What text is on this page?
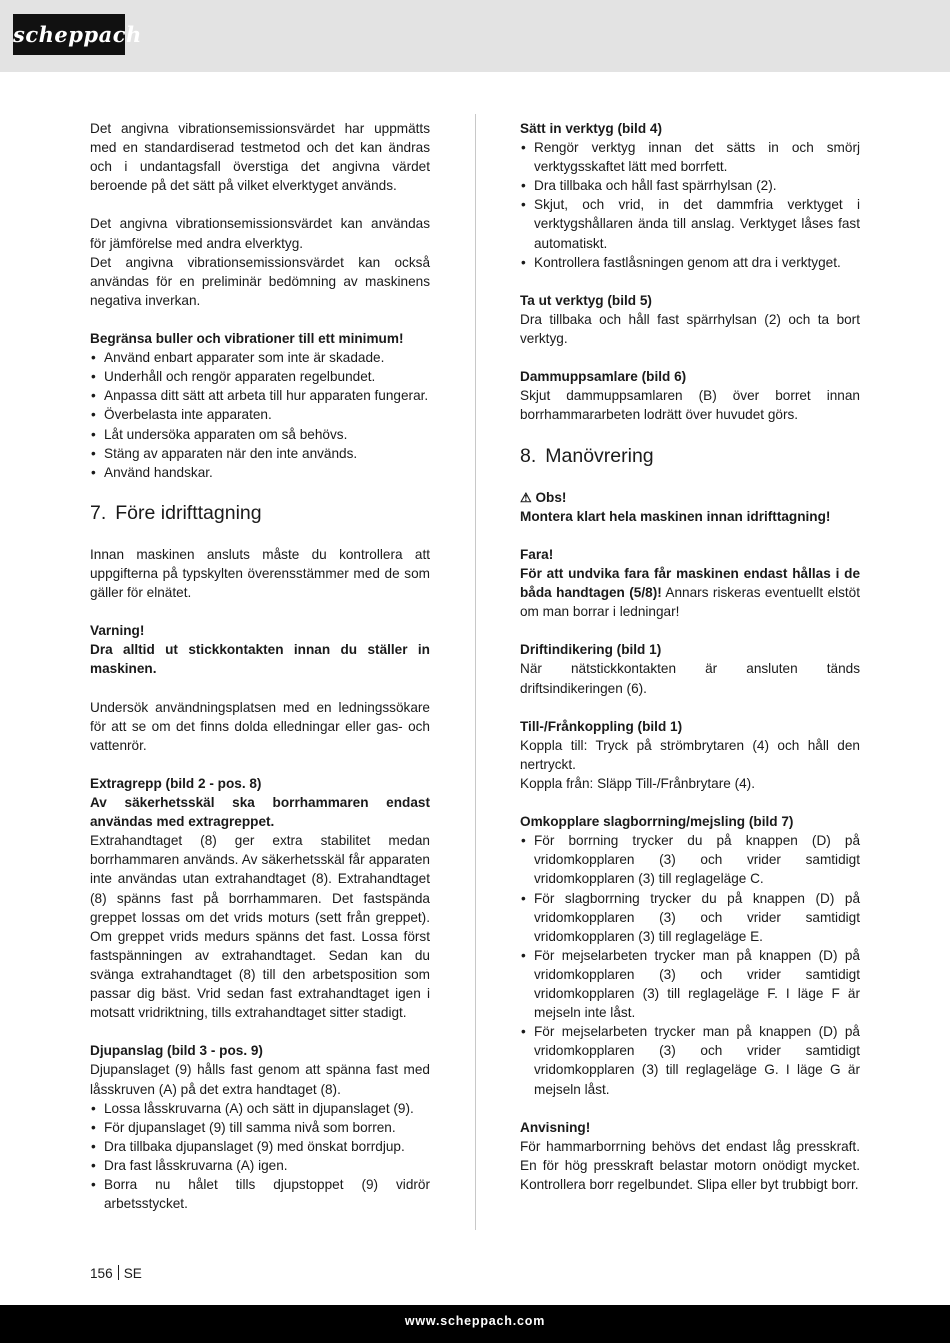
scheppach

Det angivna vibrationsemissionsvärdet har uppmätts med en standardiserad testmetod och det kan ändras och i undantagsfall överstiga det angivna värdet beroende på det sätt på vilket elverktyget används.

Det angivna vibrationsemissionsvärdet kan användas för jämförelse med andra elverktyg.

Det angivna vibrationsemissionsvärdet kan också användas för en preliminär bedömning av maskinens negativa inverkan.

Begränsa buller och vibrationer till ett minimum!

• Använd enbart apparater som inte är skadade.
• Underhåll och rengör apparaten regelbundet.
• Anpassa ditt sätt att arbeta till hur apparaten fungerar.
• Överbelasta inte apparaten.
• Låt undersöka apparaten om så behövs.
• Stäng av apparaten när den inte används.
• Använd handskar.
7. Före idrifttagning

Innan maskinen ansluts måste du kontrollera att uppgifterna på typskylten överensstämmer med de som gäller för elnätet.

Varning!

Dra alltid ut stickkontakten innan du ställer in maskinen.

Undersök användningsplatsen med en ledningssökare för att se om det finns dolda elledningar eller gas- och vattenrör.

Extragrepp (bild 2 - pos. 8)

Av säkerhetsskäl ska borrhammaren endast användas med extragreppet.

Extrahandtaget (8) ger extra stabilitet medan borrhammaren används. Av säkerhetsskäl får apparaten inte användas utan extrahandtaget (8). Extrahandtaget (8) spänns fast på borrhammaren. Det fastspända greppet lossas om det vrids moturs (sett från greppet). Om greppet vrids medurs spänns det fast. Lossa först fastspänningen av extrahandtaget. Sedan kan du svänga extrahandtaget (8) till den arbetsposition som passar dig bäst. Vrid sedan fast extrahandtaget igen i motsatt vridriktning, tills extrahandtaget sitter stadigt.

Djupanslag (bild 3 - pos. 9)

Djupanslaget (9) hålls fast genom att spänna fast med låsskruven (A) på det extra handtaget (8).

• Lossa låsskruvarna (A) och sätt in djupanslaget (9).
• För djupanslaget (9) till samma nivå som borren.
• Dra tillbaka djupanslaget (9) med önskat borrdjup.
• Dra fast låsskruvarna (A) igen.
• Borra nu hålet tills djupstoppet (9) vidrör arbetsstycket.

Sätt in verktyg (bild 4)

• Rengör verktyg innan det sätts in och smörj verktygsskaftet lätt med borrfett.
• Dra tillbaka och håll fast spärrhylsan (2).
• Skjut, och vrid, in det dammfria verktyget i verktygshållaren ända till anslag. Verktyget låses fast automatiskt.
• Kontrollera fastlåsningen genom att dra i verktyget.

Ta ut verktyg (bild 5)

Dra tillbaka och håll fast spärrhylsan (2) och ta bort verktyg.

Dammuppsamlare (bild 6)

Skjut dammuppsamlaren (B) över borret innan borrhammararbeten lodrätt över huvudet görs.

8. Manövrering

⚠ Obs!

Montera klart hela maskinen innan idrifttagning!

Fara!

För att undvika fara får maskinen endast hållas i de båda handtagen (5/8)! Annars riskeras eventuellt elstöt om man borrar i ledningar!

Driftindikering (bild 1)

När nätstickkontakten är ansluten tänds driftsindikeringen (6).

Till-/Frånkoppling (bild 1)

Koppla till: Tryck på strömbrytaren (4) och håll den nertryckt.

Koppla från: Släpp Till-/Frånbrytare (4).

Omkopplare slagborrning/mejsling (bild 7)

• För borrning trycker du på knappen (D) på vridomkopplaren (3) och vrider samtidigt vridomkopplaren (3) till reglageläge C.
• För slagborrning trycker du på knappen (D) på vridomkopplaren (3) och vrider samtidigt vridomkopplaren (3) till reglageläge E.
• För mejselarbeten trycker man på knappen (D) på vridomkopplaren (3) och vrider samtidigt vridomkopplaren (3) till reglageläge F. I läge F är mejseln inte låst.
• För mejselarbeten trycker man på knappen (D) på vridomkopplaren (3) och vrider samtidigt vridomkopplaren (3) till reglageläge G. I läge G är mejseln låst.

Anvisning!

För hammarborrning behövs det endast låg presskraft. En för hög presskraft belastar motorn onödigt mycket. Kontrollera borr regelbundet. Slipa eller byt trubbigt borr.

156 SE
www.scheppach.com
